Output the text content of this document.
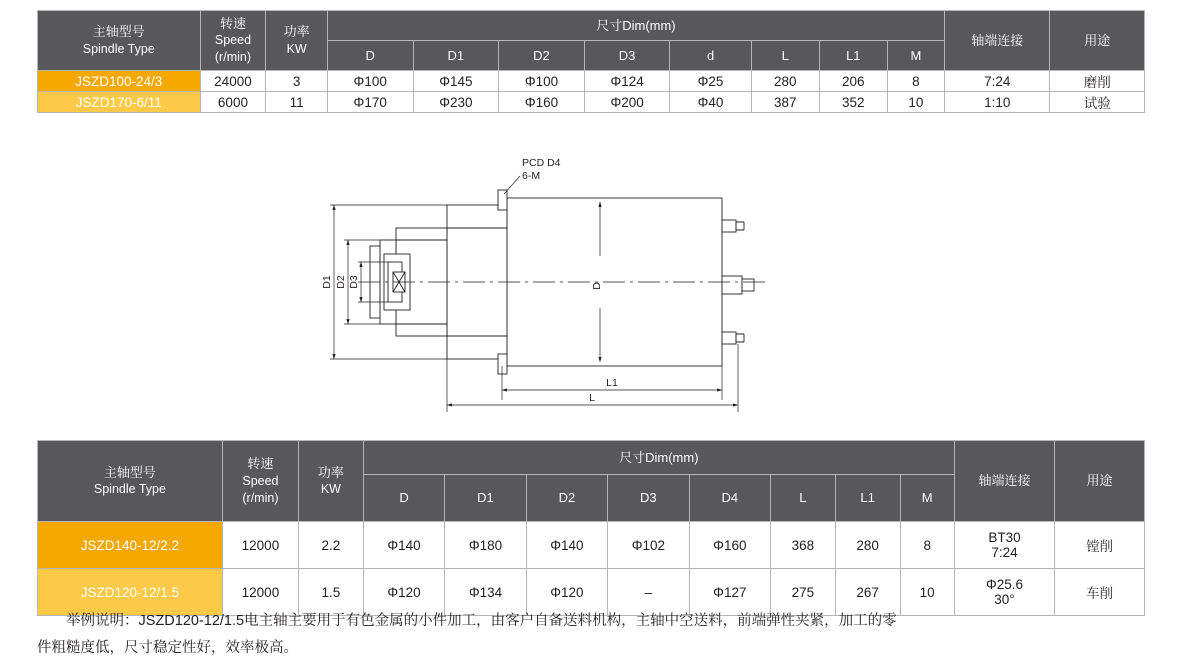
主轴型号
Spindle Type	转速
Speed
(r/min)	功率
KW	尺寸Dim(mm)								轴端连接	用途
			D	D1	D2	D3	d	L	L1	M		
JSZD100-24/3	24000	3	Φ100	Φ145	Φ100	Φ124	Φ25	280	206	8	7:24	磨削
JSZD170-6/11	6000	11	Φ170	Φ230	Φ160	Φ200	Φ40	387	352	10	1:10	试验
PCD D4
6-M
D1 D2 D3	D
L1
L
主轴型号
Spindle Type	转速
Speed
(r/min)	功率
KW	尺寸Dim(mm)								轴端连接	用途
			D	D1	D2	D3	D4	L	L1	M		
JSZD140-12/2.2	12000	2.2	Φ140	Φ180	Φ140	Φ102	Φ160	368	280	8	BT30
7:24	镗削
JSZD120-12/1.5	12000	1.5	Φ120	Φ134	Φ120	–	Φ127	275	267	10	Φ25.6
30°	车削

举例说明：JSZD120-12/1.5电主轴主要用于有色金属的小件加工，由客户自备送料机构，主轴中空送料，前端弹性夹紧，加工的零

件粗糙度低，尺寸稳定性好，效率极高。
